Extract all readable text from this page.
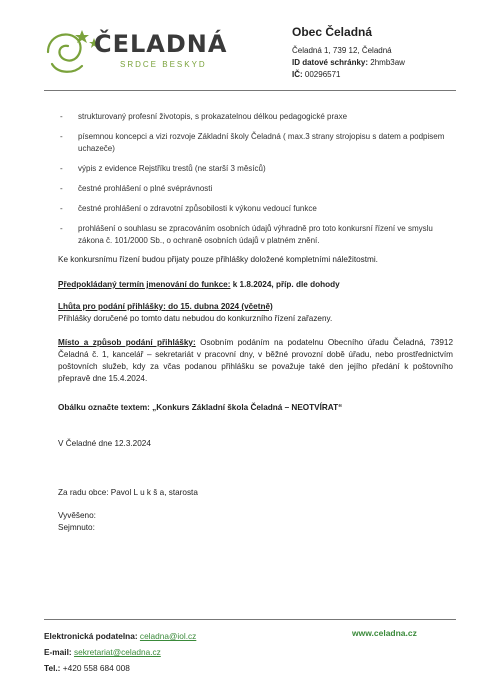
ČELADNÁ
SRDCE BESKYD
Obec Čeladná
Čeladná 1, 739 12, Čeladná
ID datové schránky: 2hmb3aw
IČ: 00296571
- strukturovaný profesní životopis, s prokazatelnou délkou pedagogické praxe
- písemnou koncepci a vizi rozvoje Základní školy Čeladná ( max.3 strany strojopisu s datem a podpisem uchazeče)
- výpis z evidence Rejstříku trestů (ne starší 3 měsíců)
- čestné prohlášení o plné svéprávnosti
- čestné prohlášení o zdravotní způsobilosti k výkonu vedoucí funkce
- prohlášení o souhlasu se zpracováním osobních údajů výhradně pro toto konkursní řízení ve smyslu zákona č. 101/2000 Sb., o ochraně osobních údajů v platném znění.
Ke konkursnímu řízení budou přijaty pouze přihlášky doložené kompletními náležitostmi.
Předpokládaný termín jmenování do funkce: k 1.8.2024, příp. dle dohody
Lhůta pro podání přihlášky: do 15. dubna 2024 (včetně)
Přihlášky doručené po tomto datu nebudou do konkurzního řízení zařazeny.
Místo a způsob podání přihlášky: Osobním podáním na podatelnu Obecního úřadu Čeladná, 73912 Čeladná č. 1, kancelář – sekretariát v pracovní dny, v běžné provozní době úřadu, nebo prostřednictvím poštovních služeb, kdy za včas podanou přihlášku se považuje také den jejího předání k poštovního přepravě dne 15.4.2024.
Obálku označte textem: „Konkurs Základní škola Čeladná – NEOTVÍRAT“
V Čeladné dne 12.3.2024
Za radu obce: Pavol L u k š a, starosta
Vyvěšeno:
Sejmnuto:
Elektronická podatelna: celadna@iol.cz
E-mail: sekretariat@celadna.cz
Tel.: +420 558 684 008
www.celadna.cz
